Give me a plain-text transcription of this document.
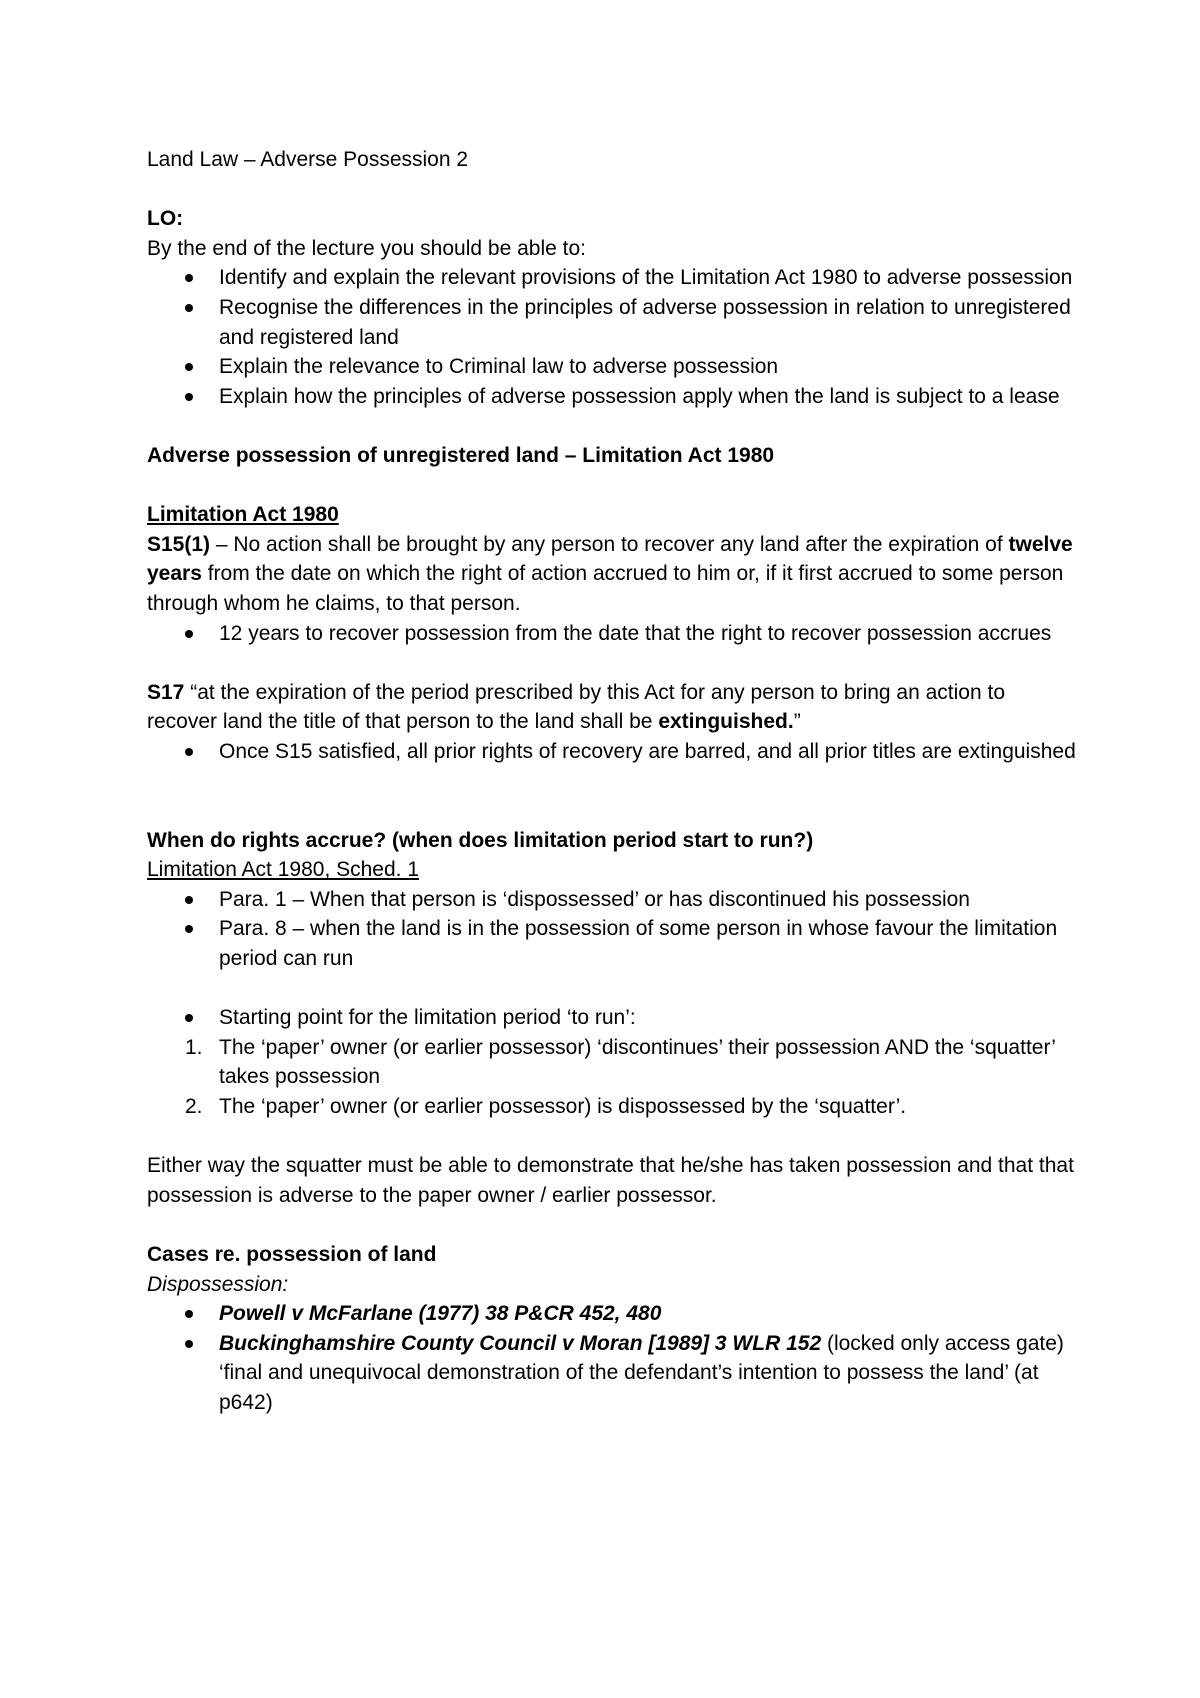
Land Law – Adverse Possession 2

LO:

By the end of the lecture you should be able to:

Identify and explain the relevant provisions of the Limitation Act 1980 to adverse possession
Recognise the differences in the principles of adverse possession in relation to unregistered and registered land
Explain the relevance to Criminal law to adverse possession
Explain how the principles of adverse possession apply when the land is subject to a lease

Adverse possession of unregistered land – Limitation Act 1980

Limitation Act 1980

S15(1) – No action shall be brought by any person to recover any land after the expiration of twelve years from the date on which the right of action accrued to him or, if it first accrued to some person through whom he claims, to that person.

12 years to recover possession from the date that the right to recover possession accrues

S17 “at the expiration of the period prescribed by this Act for any person to bring an action to recover land the title of that person to the land shall be extinguished.”

Once S15 satisfied, all prior rights of recovery are barred, and all prior titles are extinguished

When do rights accrue? (when does limitation period start to run?)

Limitation Act 1980, Sched. 1

Para. 1 – When that person is ‘dispossessed’ or has discontinued his possession
Para. 8 – when the land is in the possession of some person in whose favour the limitation period can run
Starting point for the limitation period ‘to run’:
1. The ‘paper’ owner (or earlier possessor) ‘discontinues’ their possession AND the ‘squatter’ takes possession
2. The ‘paper’ owner (or earlier possessor) is dispossessed by the ‘squatter’.

Either way the squatter must be able to demonstrate that he/she has taken possession and that that possession is adverse to the paper owner / earlier possessor.

Cases re. possession of land

Dispossession:

Powell v McFarlane (1977) 38 P&CR 452, 480
Buckinghamshire County Council v Moran [1989] 3 WLR 152 (locked only access gate) ‘final and unequivocal demonstration of the defendant’s intention to possess the land’ (at p642)
